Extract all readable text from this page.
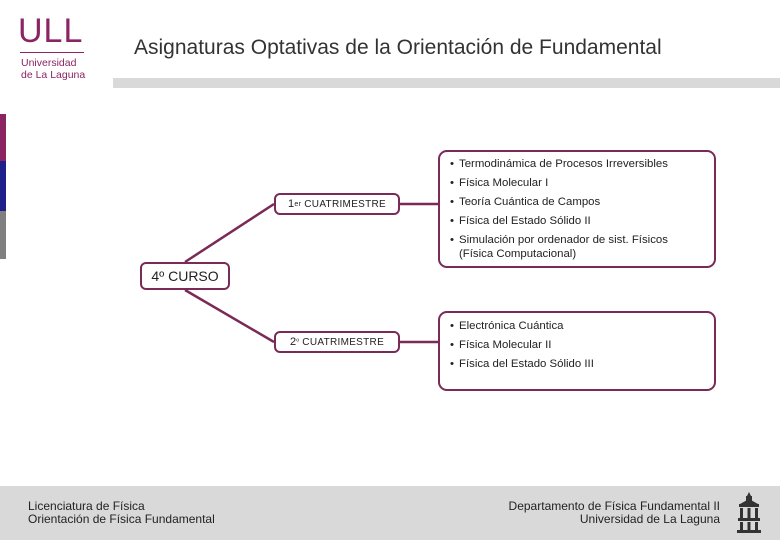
ULL
Universidad
de La Laguna
Asignaturas Optativas de la Orientación de Fundamental
4º CURSO
1 er CUATRIMESTRE
2 º CUATRIMESTRE
• Termodinámica de Procesos Irreversibles
• Física Molecular I
• Teoría Cuántica de Campos
• Física del Estado Sólido II
• Simulación por ordenador de sist. Físicos
(Física Computacional)
• Electrónica Cuántica
• Física Molecular II
• Física del Estado Sólido III
Licenciatura de Física
Orientación de Física Fundamental
Departamento de Física Fundamental II
Universidad de La Laguna
